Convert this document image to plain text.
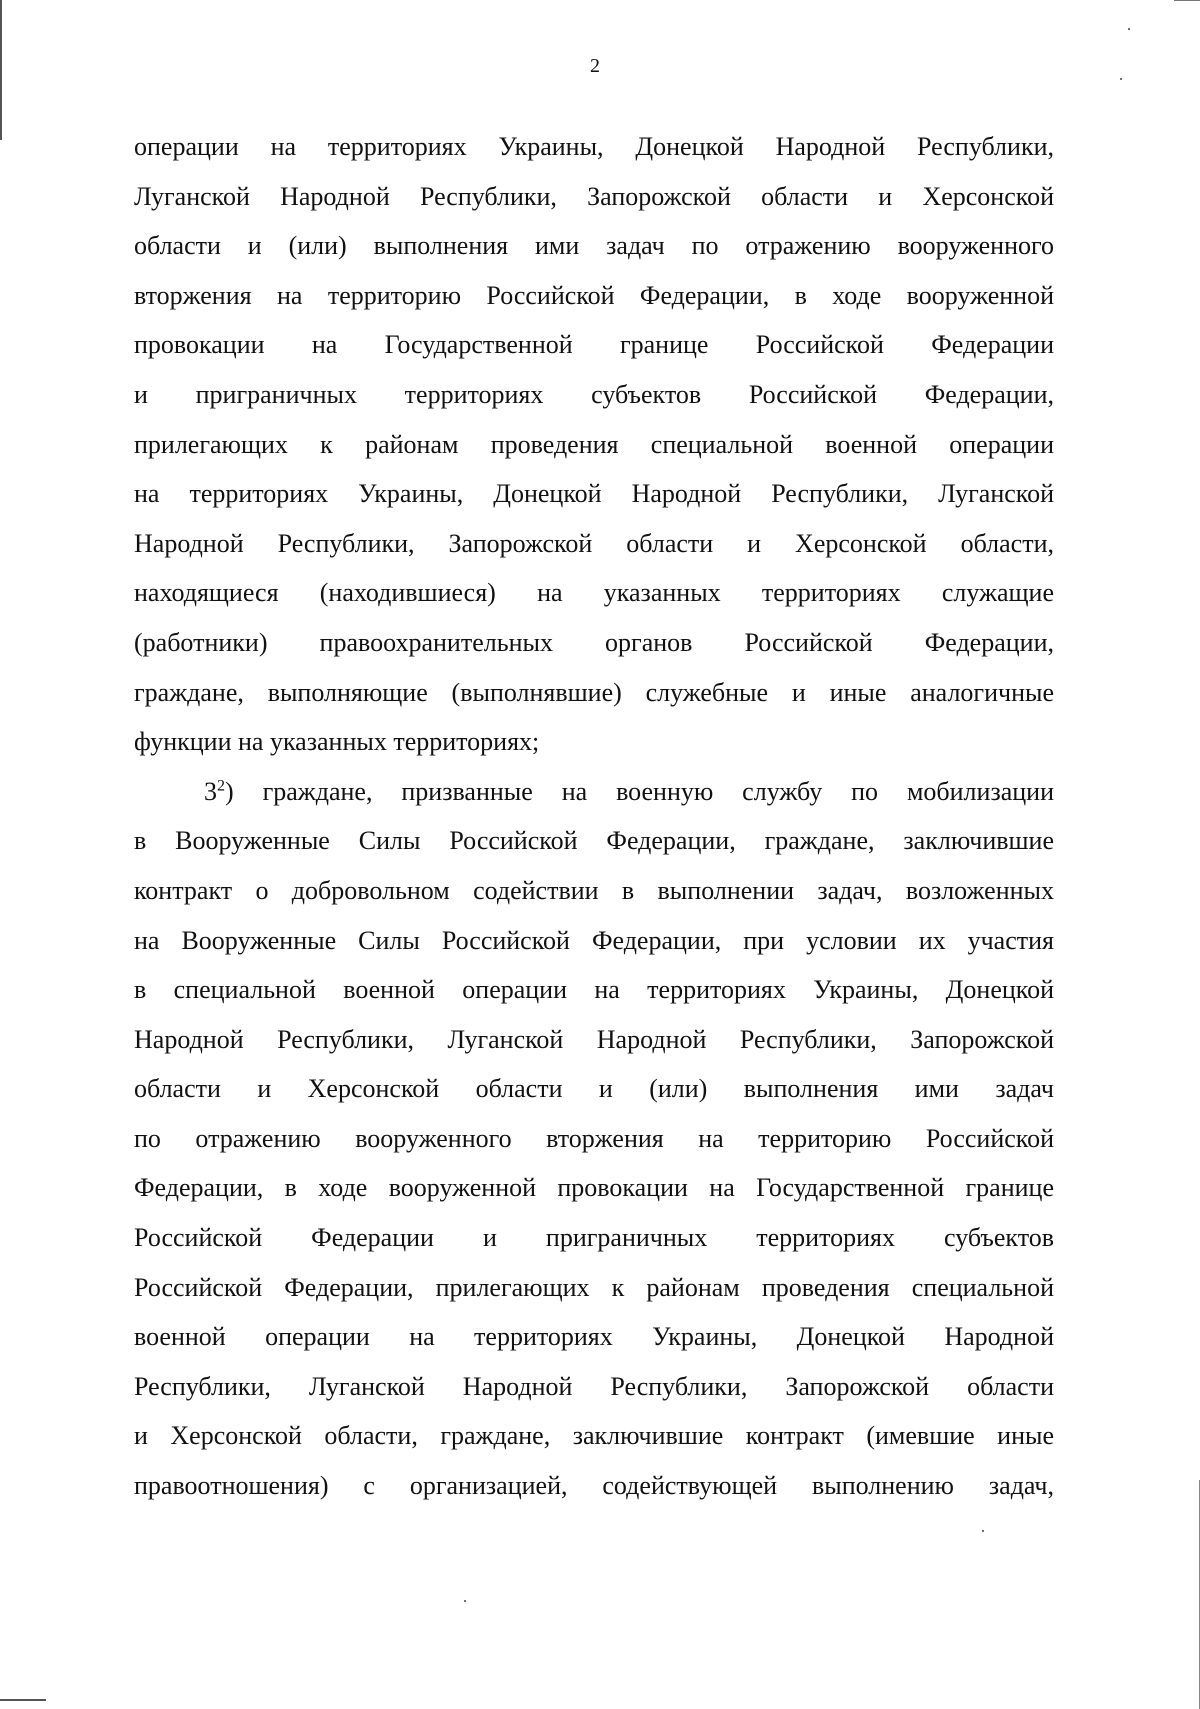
2

операции на территориях Украины, Донецкой Народной Республики,

Луганской Народной Республики, Запорожской области и Херсонской

области и (или) выполнения ими задач по отражению вооруженного

вторжения на территорию Российской Федерации, в ходе вооруженной

провокации на Государственной границе Российской Федерации

и приграничных территориях субъектов Российской Федерации,

прилегающих к районам проведения специальной военной операции

на территориях Украины, Донецкой Народной Республики, Луганской

Народной Республики, Запорожской области и Херсонской области,

находящиеся (находившиеся) на указанных территориях служащие

(работники) правоохранительных органов Российской Федерации,

граждане, выполняющие (выполнявшие) служебные и иные аналогичные

функции на указанных территориях;

$3^2$) граждане, призванные на военную службу по мобилизации

в Вооруженные Силы Российской Федерации, граждане, заключившие

контракт о добровольном содействии в выполнении задач, возложенных

на Вооруженные Силы Российской Федерации, при условии их участия

в специальной военной операции на территориях Украины, Донецкой

Народной Республики, Луганской Народной Республики, Запорожской

области и Херсонской области и (или) выполнения ими задач

по отражению вооруженного вторжения на территорию Российской

Федерации, в ходе вооруженной провокации на Государственной границе

Российской Федерации и приграничных территориях субъектов

Российской Федерации, прилегающих к районам проведения специальной

военной операции на территориях Украины, Донецкой Народной

Республики, Луганской Народной Республики, Запорожской области

и Херсонской области, граждане, заключившие контракт (имевшие иные

правоотношения) с организацией, содействующей выполнению задач,
